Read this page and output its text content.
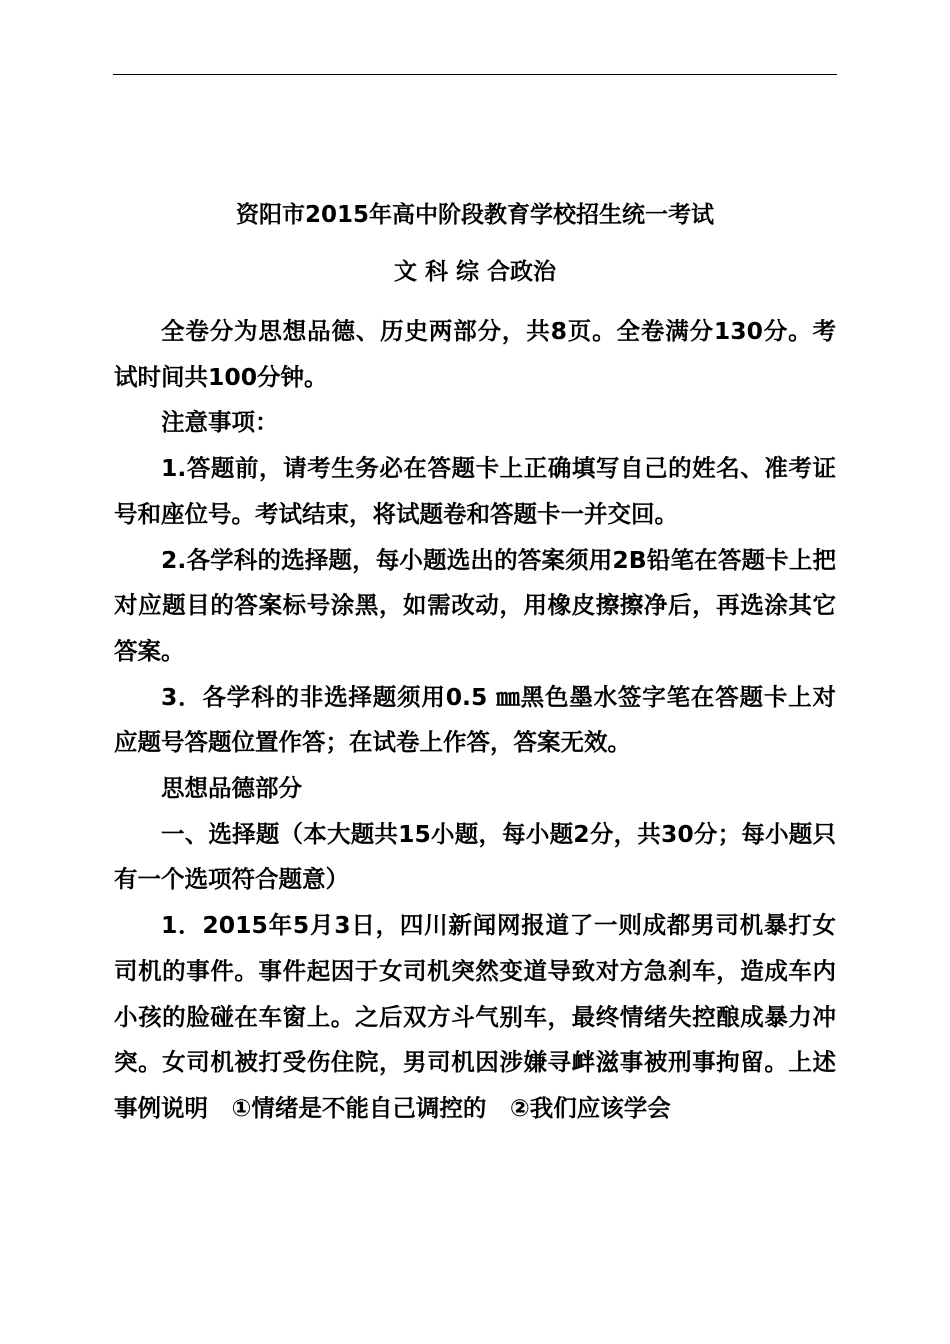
资阳市2015年高中阶段教育学校招生统一考试
文 科 综 合政治

全卷分为思想品德、历史两部分，共8页。全卷满分130分。考试时间共100分钟。

注意事项：

1.答题前，请考生务必在答题卡上正确填写自己的姓名、准考证号和座位号。考试结束，将试题卷和答题卡一并交回。

2.各学科的选择题，每小题选出的答案须用2B铅笔在答题卡上把对应题目的答案标号涂黑，如需改动，用橡皮擦擦净后，再选涂其它答案。

3．各学科的非选择题须用0.5 ㎜黑色墨水签字笔在答题卡上对应题号答题位置作答；在试卷上作答，答案无效。

思想品德部分

一、选择题（本大题共15小题，每小题2分，共30分；每小题只有一个选项符合题意）

1．2015年5月3日，四川新闻网报道了一则成都男司机暴打女司机的事件。事件起因于女司机突然变道导致对方急刹车，造成车内小孩的脸碰在车窗上。之后双方斗气别车，最终情绪失控酿成暴力冲突。女司机被打受伤住院，男司机因涉嫌寻衅滋事被刑事拘留。上述事例说明　①情绪是不能自己调控的　②我们应该学会
